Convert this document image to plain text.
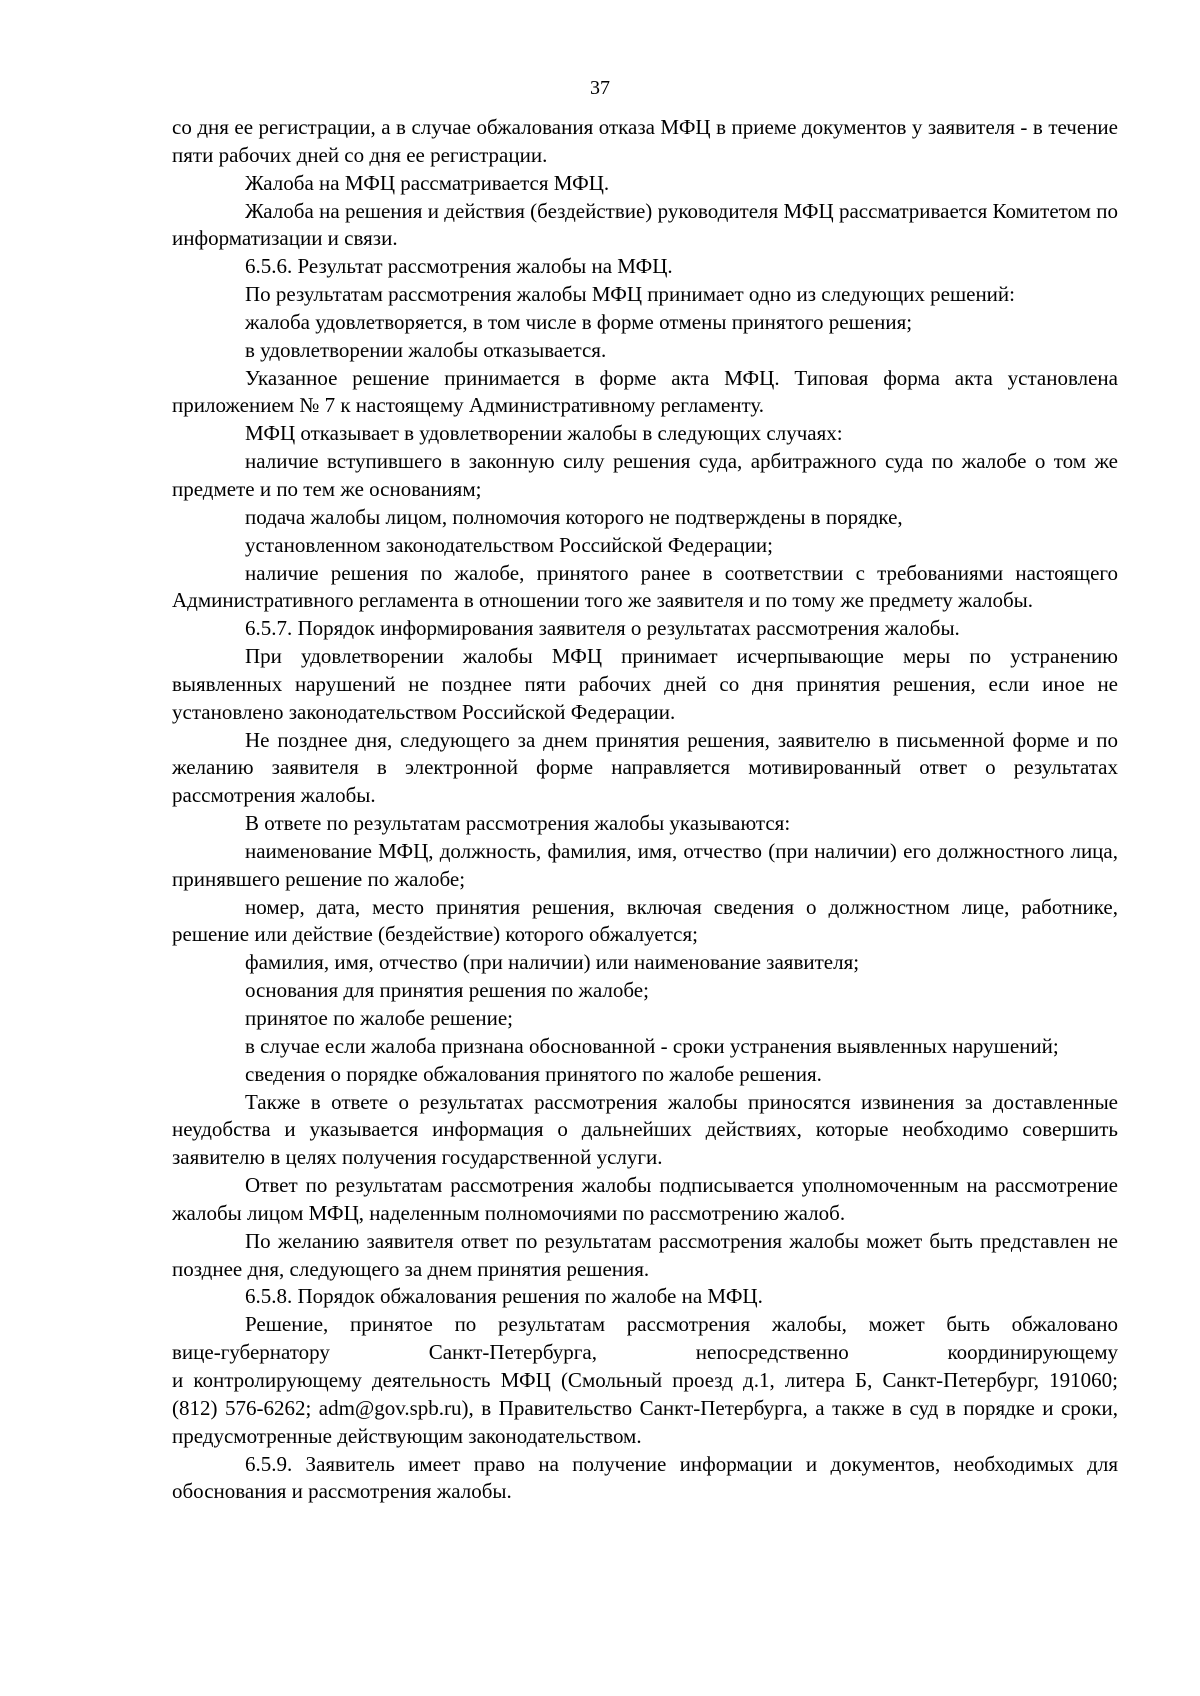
37

со дня ее регистрации, а в случае обжалования отказа МФЦ в приеме документов у заявителя - в течение пяти рабочих дней со дня ее регистрации.

Жалоба на МФЦ рассматривается МФЦ.

Жалоба на решения и действия (бездействие) руководителя МФЦ рассматривается Комитетом по информатизации и связи.

6.5.6. Результат рассмотрения жалобы на МФЦ.

По результатам рассмотрения жалобы МФЦ принимает одно из следующих решений:

жалоба удовлетворяется, в том числе в форме отмены принятого решения;

в удовлетворении жалобы отказывается.

Указанное решение принимается в форме акта МФЦ. Типовая форма акта установлена приложением № 7 к настоящему Административному регламенту.

МФЦ отказывает в удовлетворении жалобы в следующих случаях:

наличие вступившего в законную силу решения суда, арбитражного суда по жалобе о том же предмете и по тем же основаниям;

подача жалобы лицом, полномочия которого не подтверждены в порядке,

установленном законодательством Российской Федерации;

наличие решения по жалобе, принятого ранее в соответствии с требованиями настоящего Административного регламента в отношении того же заявителя и по тому же предмету жалобы.

6.5.7. Порядок информирования заявителя о результатах рассмотрения жалобы.

При удовлетворении жалобы МФЦ принимает исчерпывающие меры по устранению выявленных нарушений не позднее пяти рабочих дней со дня принятия решения, если иное не установлено законодательством Российской Федерации.

Не позднее дня, следующего за днем принятия решения, заявителю в письменной форме и по желанию заявителя в электронной форме направляется мотивированный ответ о результатах рассмотрения жалобы.

В ответе по результатам рассмотрения жалобы указываются:

наименование МФЦ, должность, фамилия, имя, отчество (при наличии) его должностного лица, принявшего решение по жалобе;

номер, дата, место принятия решения, включая сведения о должностном лице, работнике, решение или действие (бездействие) которого обжалуется;

фамилия, имя, отчество (при наличии) или наименование заявителя;

основания для принятия решения по жалобе;

принятое по жалобе решение;

в случае если жалоба признана обоснованной - сроки устранения выявленных нарушений;

сведения о порядке обжалования принятого по жалобе решения.

Также в ответе о результатах рассмотрения жалобы приносятся извинения за доставленные неудобства и указывается информация о дальнейших действиях, которые необходимо совершить заявителю в целях получения государственной услуги.

Ответ по результатам рассмотрения жалобы подписывается уполномоченным на рассмотрение жалобы лицом МФЦ, наделенным полномочиями по рассмотрению жалоб.

По желанию заявителя ответ по результатам рассмотрения жалобы может быть представлен не позднее дня, следующего за днем принятия решения.

6.5.8. Порядок обжалования решения по жалобе на МФЦ.

Решение, принятое по результатам рассмотрения жалобы, может быть обжаловано

вице-губернатору Санкт-Петербурга, непосредственно координирующему

и контролирующему деятельность МФЦ (Смольный проезд д.1, литера Б, Санкт-Петербург, 191060; (812) 576-6262; adm@gov.spb.ru), в Правительство Санкт-Петербурга, а также в суд в порядке и сроки, предусмотренные действующим законодательством.

6.5.9. Заявитель имеет право на получение информации и документов, необходимых для обоснования и рассмотрения жалобы.
